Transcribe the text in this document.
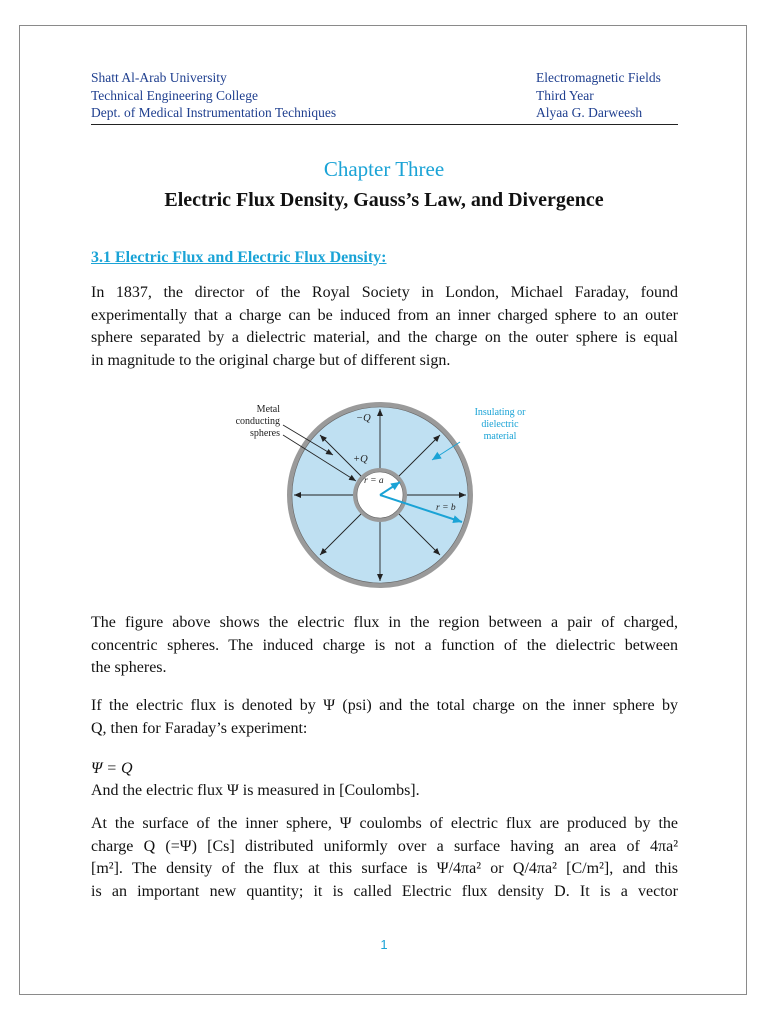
Shatt Al-Arab University
Technical Engineering College
Dept. of Medical Instrumentation Techniques
Electromagnetic Fields
Third Year
Alyaa G. Darweesh
Chapter Three
Electric Flux Density, Gauss’s Law, and Divergence
3.1 Electric Flux and Electric Flux Density:
In 1837, the director of the Royal Society in London, Michael Faraday, found
experimentally that a charge can be induced from an inner charged sphere to an outer
sphere separated by a dielectric material, and the charge on the outer sphere is equal
in magnitude to the original charge but of different sign.
Metal
conducting
spheres
Insulating or
dielectric
material
−Q
+Q
r = a
r = b
The figure above shows the electric flux in the region between a pair of charged,
concentric spheres. The induced charge is not a function of the dielectric between
the spheres.
If the electric flux is denoted by Ψ (psi) and the total charge on the inner sphere by
Q, then for Faraday’s experiment:
Ψ = Q
And the electric flux Ψ is measured in [Coulombs].
At the surface of the inner sphere, Ψ coulombs of electric flux are produced by the
charge Q (=Ψ) [Cs] distributed uniformly over a surface having an area of 4πa²
[m²]. The density of the flux at this surface is Ψ/4πa² or Q/4πa² [C/m²], and this
is an important new quantity; it is called Electric flux density D. It is a vector
1
